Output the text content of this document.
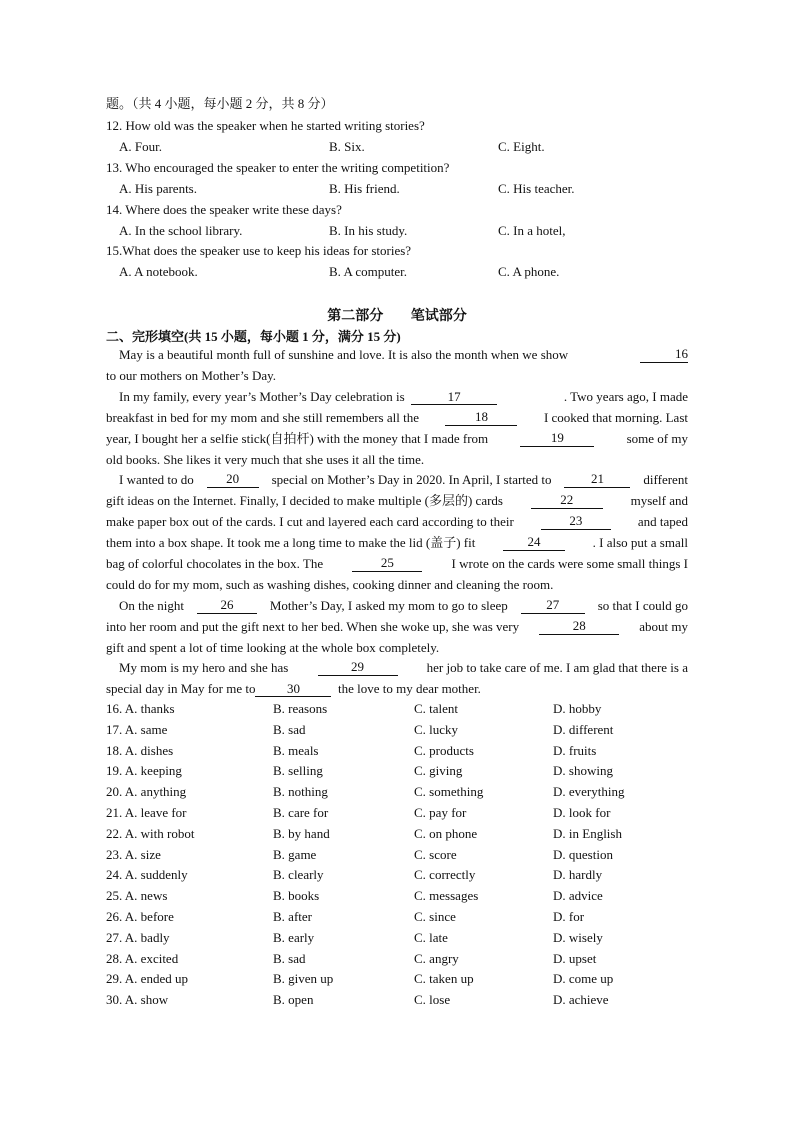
题。（共 4 小题，每小题 2 分，共 8 分）
12. How old was the speaker when he started writing stories?
A. Four.	B. Six.	C. Eight.
13. Who encouraged the speaker to enter the writing competition?
A. His parents.	B. His friend.	C. His teacher.
14. Where does the speaker write these days?
A. In the school library.	B. In his study.	C. In a hotel,
15.What does the speaker use to keep his ideas for stories?
A. A notebook.	B. A computer.	C. A phone.
第二部分 笔试部分
二、完形填空(共 15 小题，每小题 1 分，满分 15 分)
May is a beautiful month full of sunshine and love. It is also the month when we show	16
to our mothers on Mother’s Day.
In my family, every year’s Mother’s Day celebration is	17	. Two years ago, I made
breakfast in bed for my mom and she still remembers all the	18	I cooked that morning. Last
year, I bought her a selfie stick(自拍杆) with the money that I made from	19	some of my
old books. She likes it very much that she uses it all the time.
I wanted to do	20	special on Mother’s Day in 2020. In April, I started to	21	different
gift ideas on the Internet. Finally, I decided to make multiple (多层的) cards	22	myself and
make paper box out of the cards. I cut and layered each card according to their	23	and taped
them into a box shape. It took me a long time to make the lid (盖子) fit	24	. I also put a small
bag of colorful chocolates in the box. The	25	I wrote on the cards were some small things I
could do for my mom, such as washing dishes, cooking dinner and cleaning the room.
On the night	26	Mother’s Day, I asked my mom to go to sleep	27	so that I could go
into her room and put the gift next to her bed. When she woke up, she was very	28	about my
gift and spent a lot of time looking at the whole box completely.
My mom is my hero and she has	29	her job to take care of me. I am glad that there is a
special day in May for me to 30	the love to my dear mother.
16. A. thanks	B. reasons	C. talent	D. hobby
17. A. same	B. sad	C. lucky	D. different
18. A. dishes	B. meals	C. products	D. fruits
19. A. keeping	B. selling	C. giving	D. showing
20. A. anything	B. nothing	C. something	D. everything
21. A. leave for	B. care for	C. pay for	D. look for
22. A. with robot	B. by hand	C. on phone	D. in English
23. A. size	B. game	C. score	D. question
24. A. suddenly	B. clearly	C. correctly	D. hardly
25. A. news	B. books	C. messages	D. advice
26. A. before	B. after	C. since	D. for
27. A. badly	B. early	C. late	D. wisely
28. A. excited	B. sad	C. angry	D. upset
29. A. ended up	B. given up	C. taken up	D. come up
30. A. show	B. open	C. lose	D. achieve
